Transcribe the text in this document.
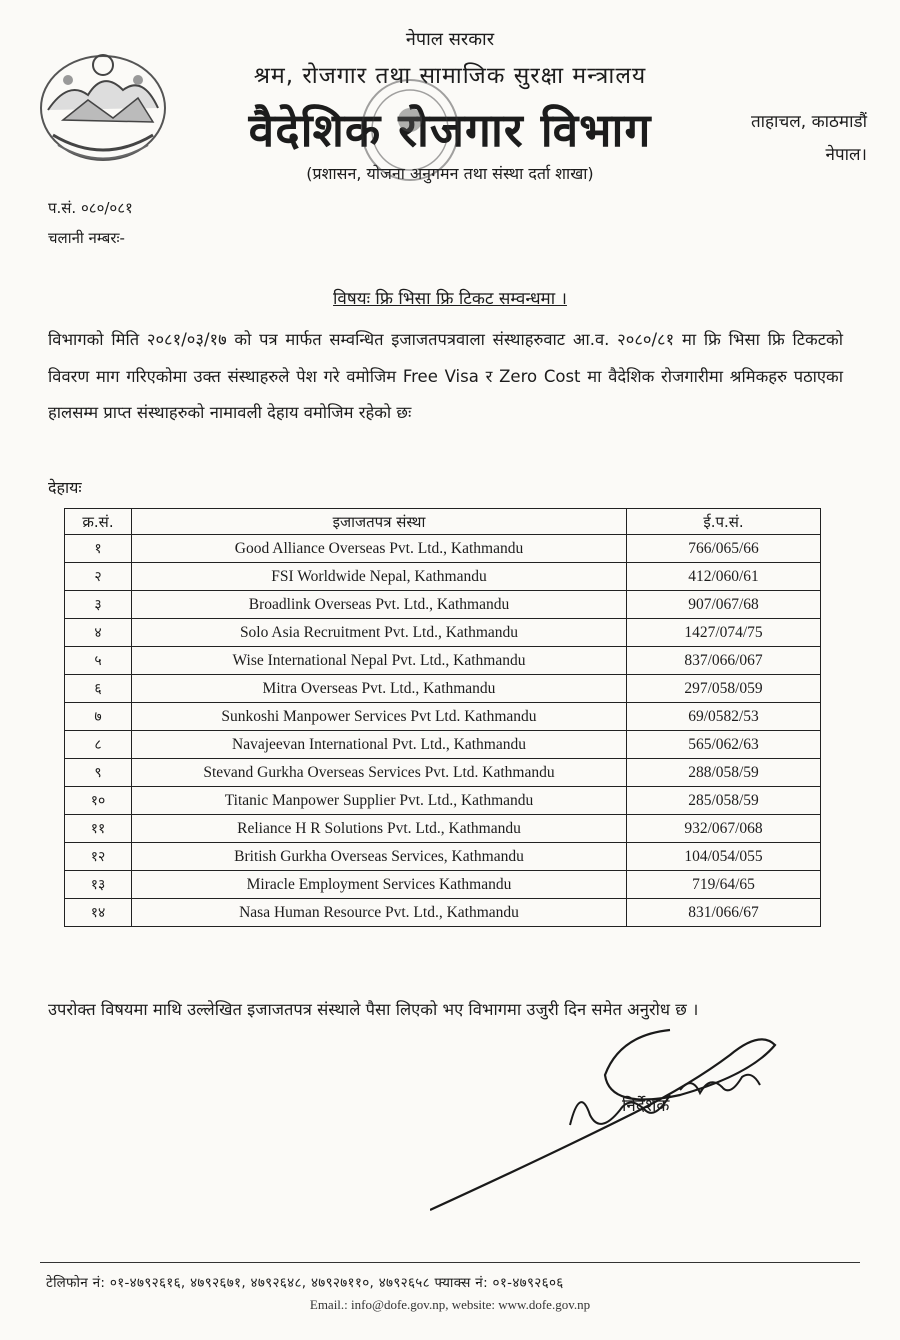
नेपाल सरकार
श्रम, रोजगार तथा सामाजिक सुरक्षा मन्त्रालय
वैदेशिक रोजगार विभाग
(प्रशासन, योजना अनुगमन तथा संस्था दर्ता शाखा)
ताहाचल, काठमाडौं
नेपाल।
प.सं. ०८०/०८१
चलानी नम्बरः-
विषयः फ्रि भिसा फ्रि टिकट सम्वन्धमा ।
विभागको मिति २०८१/०३/१७ को पत्र मार्फत सम्वन्धित इजाजतपत्रवाला संस्थाहरुवाट आ.व. २०८०/८१ मा फ्रि भिसा फ्रि टिकटको विवरण माग गरिएकोमा उक्त संस्थाहरुले पेश गरे वमोजिम Free Visa र Zero Cost मा वैदेशिक रोजगारीमा श्रमिकहरु पठाएका हालसम्म प्राप्त संस्थाहरुको नामावली देहाय वमोजिम रहेको छः
देहायः
क्र.सं.	इजाजतपत्र संस्था	ई.प.सं.
१	Good Alliance Overseas Pvt. Ltd., Kathmandu	766/065/66
२	FSI Worldwide Nepal, Kathmandu	412/060/61
३	Broadlink Overseas Pvt. Ltd., Kathmandu	907/067/68
४	Solo Asia Recruitment Pvt. Ltd., Kathmandu	1427/074/75
५	Wise International Nepal Pvt. Ltd., Kathmandu	837/066/067
६	Mitra Overseas Pvt. Ltd., Kathmandu	297/058/059
७	Sunkoshi Manpower Services Pvt Ltd. Kathmandu	69/0582/53
८	Navajeevan International Pvt. Ltd., Kathmandu	565/062/63
९	Stevand Gurkha Overseas Services Pvt. Ltd. Kathmandu	288/058/59
१०	Titanic Manpower Supplier Pvt. Ltd., Kathmandu	285/058/59
११	Reliance H R Solutions Pvt. Ltd., Kathmandu	932/067/068
१२	British Gurkha Overseas Services, Kathmandu	104/054/055
१३	Miracle Employment Services Kathmandu	719/64/65
१४	Nasa Human Resource Pvt. Ltd., Kathmandu	831/066/67
उपरोक्त विषयमा माथि उल्लेखित इजाजतपत्र संस्थाले पैसा लिएको भए विभागमा उजुरी दिन समेत अनुरोध छ ।
निर्देशक
टेलिफोन नं: ०१-४७९२६१६, ४७९२६७१, ४७९२६४८, ४७९२७११०, ४७९२६५८ फ्याक्स नं: ०१-४७९२६०६
Email.: info@dofe.gov.np, website: www.dofe.gov.np
